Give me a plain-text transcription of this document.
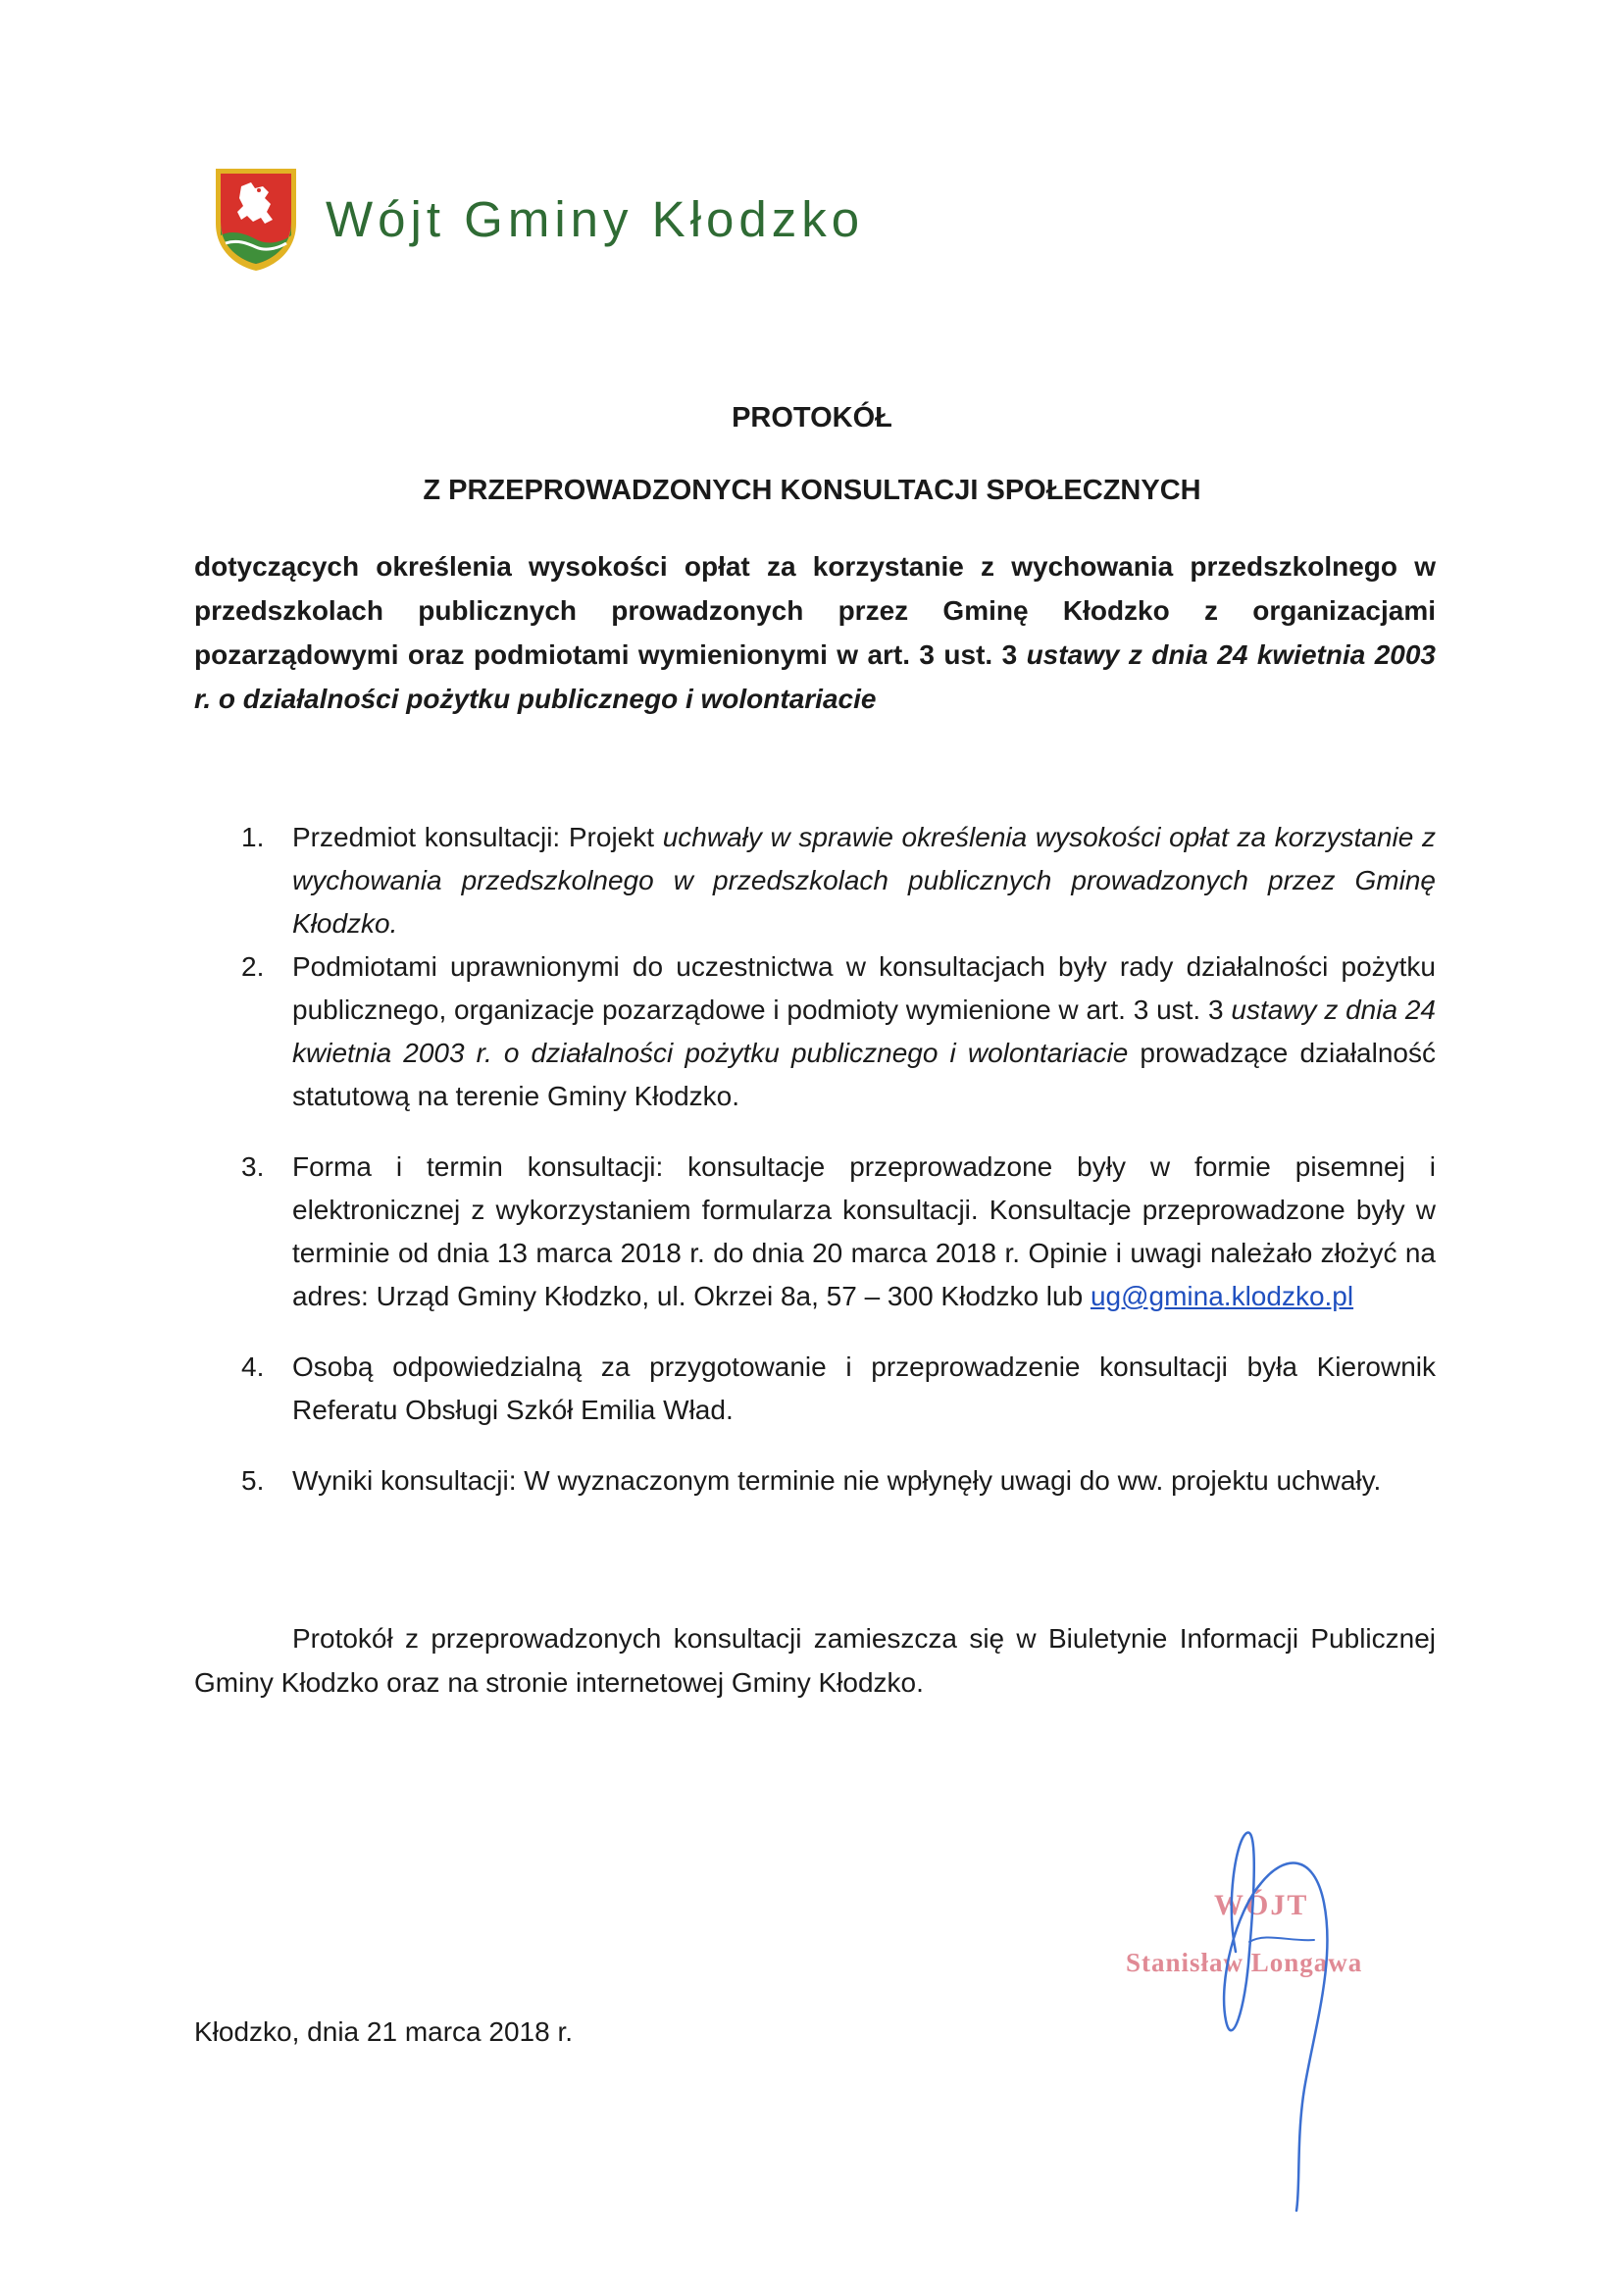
Wójt Gminy Kłodzko
PROTOKÓŁ
Z PRZEPROWADZONYCH KONSULTACJI SPOŁECZNYCH
dotyczących określenia wysokości opłat za korzystanie z wychowania przedszkolnego w przedszkolach publicznych prowadzonych przez Gminę Kłodzko z organizacjami pozarządowymi oraz podmiotami wymienionymi w art. 3 ust. 3 ustawy z dnia 24 kwietnia 2003 r. o działalności pożytku publicznego i wolontariacie
1. Przedmiot konsultacji: Projekt uchwały w sprawie określenia wysokości opłat za korzystanie z wychowania przedszkolnego w przedszkolach publicznych prowadzonych przez Gminę Kłodzko.
2. Podmiotami uprawnionymi do uczestnictwa w konsultacjach były rady działalności pożytku publicznego, organizacje pozarządowe i podmioty wymienione w art. 3 ust. 3 ustawy z dnia 24 kwietnia 2003 r. o działalności pożytku publicznego i wolontariacie prowadzące działalność statutową na terenie Gminy Kłodzko.
3. Forma i termin konsultacji: konsultacje przeprowadzone były w formie pisemnej i elektronicznej z wykorzystaniem formularza konsultacji. Konsultacje przeprowadzone były w terminie od dnia 13 marca 2018 r. do dnia 20 marca 2018 r. Opinie i uwagi należało złożyć na adres: Urząd Gminy Kłodzko, ul. Okrzei 8a, 57 – 300 Kłodzko lub ug@gmina.klodzko.pl
4. Osobą odpowiedzialną za przygotowanie i przeprowadzenie konsultacji była Kierownik Referatu Obsługi Szkół Emilia Wład.
5. Wyniki konsultacji: W wyznaczonym terminie nie wpłynęły uwagi do ww. projektu uchwały.
Protokół z przeprowadzonych konsultacji zamieszcza się w Biuletynie Informacji Publicznej Gminy Kłodzko oraz na stronie internetowej Gminy Kłodzko.
Kłodzko, dnia 21 marca 2018 r.
WÓJT
Stanisław Longawa
